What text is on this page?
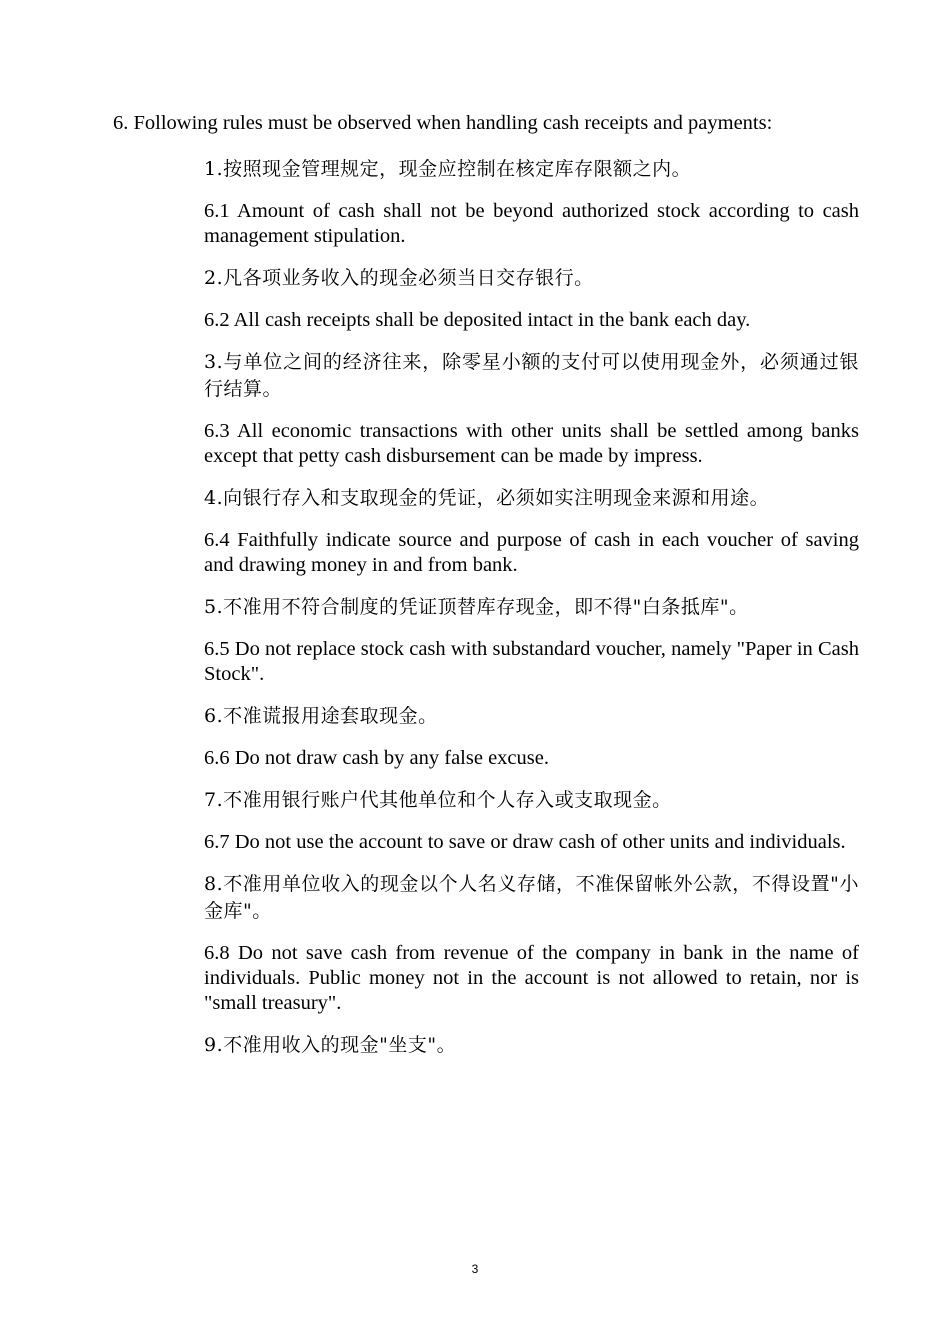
6. Following rules must be observed when handling cash receipts and payments:

1.按照现金管理规定，现金应控制在核定库存限额之内。

6.1 Amount of cash shall not be beyond authorized stock according to cash management stipulation.

2.凡各项业务收入的现金必须当日交存银行。

6.2 All cash receipts shall be deposited intact in the bank each day.

3.与单位之间的经济往来，除零星小额的支付可以使用现金外，必须通过银行结算。

6.3 All economic transactions with other units shall be settled among banks except that petty cash disbursement can be made by impress.

4.向银行存入和支取现金的凭证，必须如实注明现金来源和用途。

6.4 Faithfully indicate source and purpose of cash in each voucher of saving and drawing money in and from bank.

5.不准用不符合制度的凭证顶替库存现金，即不得"白条抵库"。

6.5 Do not replace stock cash with substandard voucher, namely "Paper in Cash Stock".

6.不准谎报用途套取现金。

6.6 Do not draw cash by any false excuse.

7.不准用银行账户代其他单位和个人存入或支取现金。

6.7 Do not use the account to save or draw cash of other units and individuals.

8.不准用单位收入的现金以个人名义存储，不准保留帐外公款，不得设置"小金库"。

6.8 Do not save cash from revenue of the company in bank in the name of individuals. Public money not in the account is not allowed to retain, nor is "small treasury".

9.不准用收入的现金"坐支"。

3
